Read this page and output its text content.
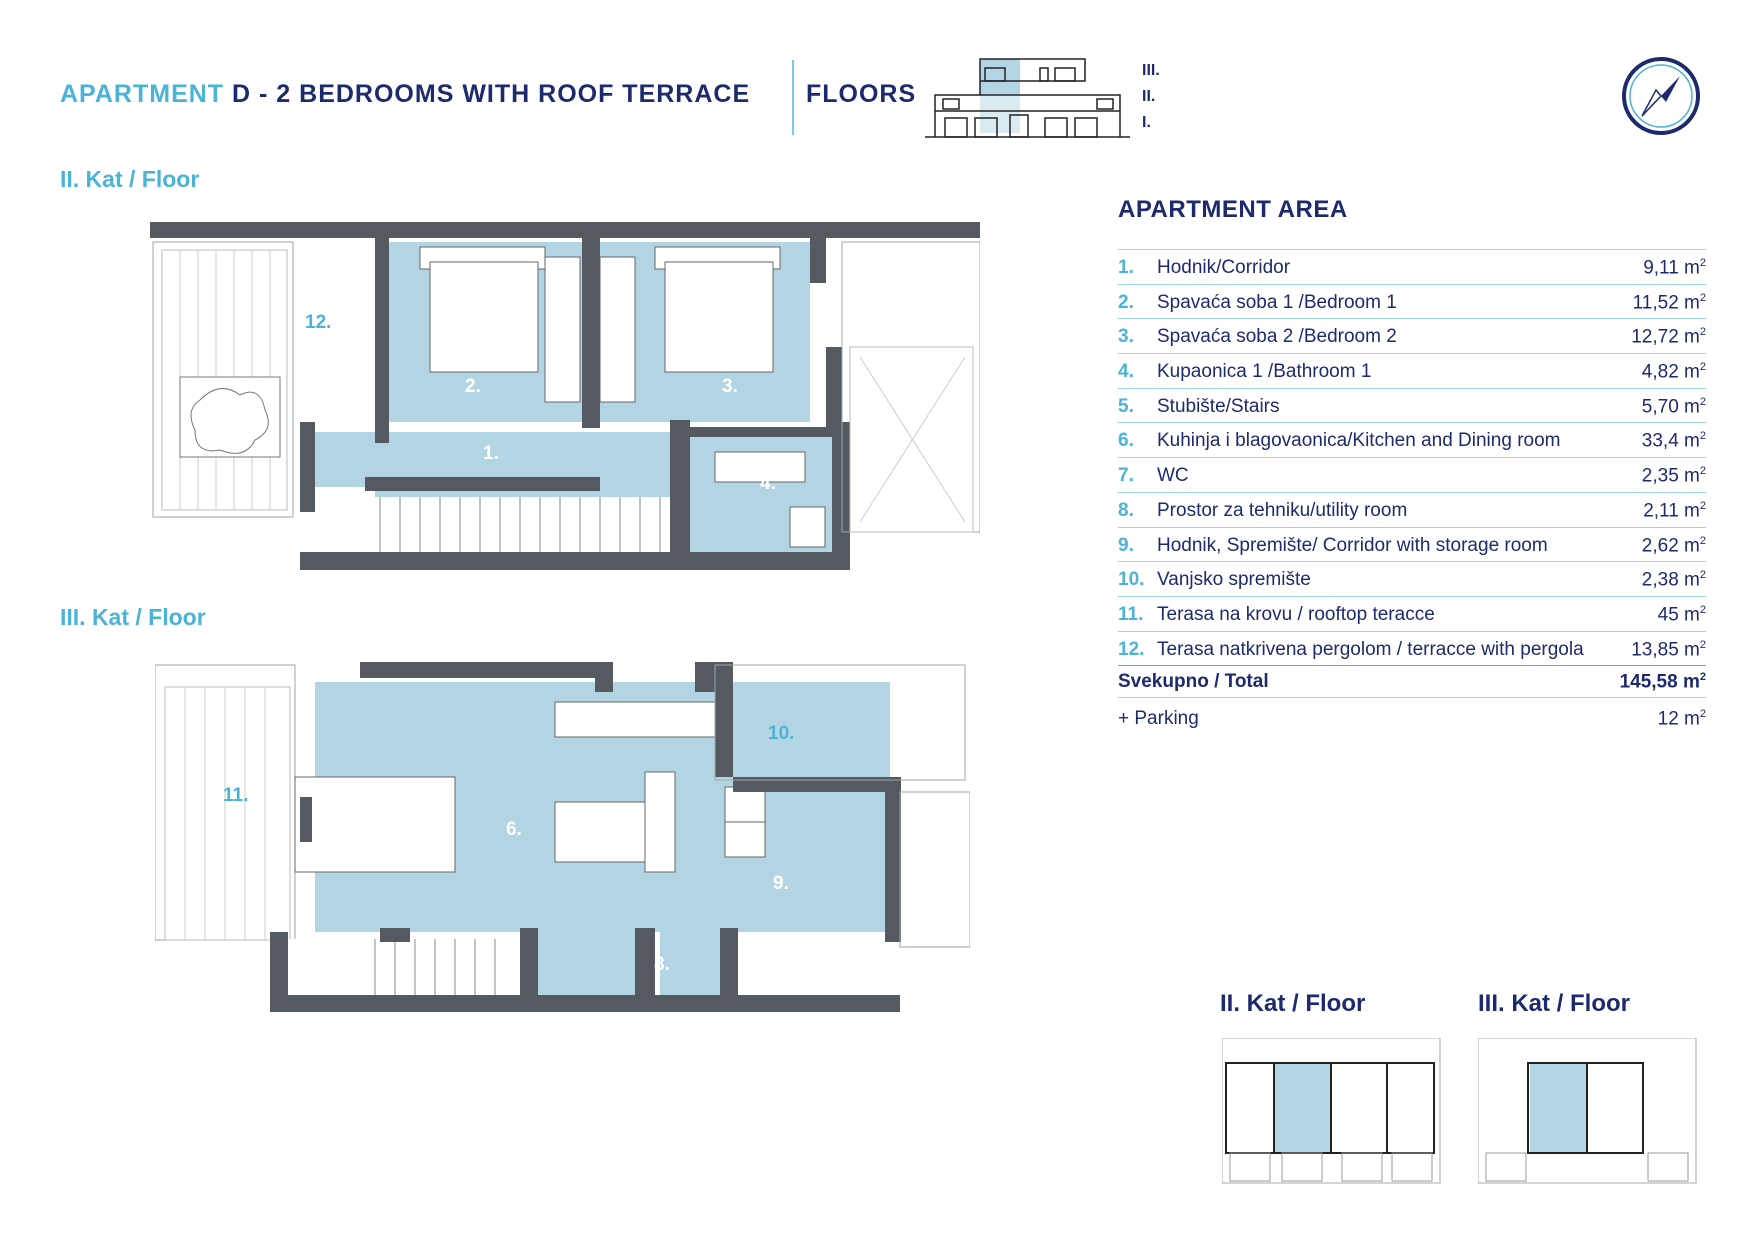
APARTMENT D - 2 BEDROOMS WITH ROOF TERRACE FLOORS
III.
II.
I.
II. Kat / Floor
III. Kat / Floor
12.
2.	3.
1.
4.
10.
11.
6.
9.
5.	8.	7.
APARTMENT AREA
1. Hodnik/Corridor	9,11 $m^2$
2. Spavaća soba 1 /Bedroom 1	11,52 $m^2$
3. Spavaća soba 2 /Bedroom 2	12,72 $m^2$
4. Kupaonica 1 /Bathroom 1	4,82 $m^2$
5. Stubište/Stairs	5,70 $m^2$
6. Kuhinja i blagovaonica/Kitchen and Dining room	33,4 $m^2$
7. WC	2,35 $m^2$
8. Prostor za tehniku/utility room	2,11 $m^2$
9. Hodnik, Spremište/ Corridor with storage room	2,62 $m^2$
10. Vanjsko spremište	2,38 $m^2$
11. Terasa na krovu / rooftop teracce	45 $m^2$
12. Terasa natkrivena pergolom / terracce with pergola	13,85 $m^2$
Svekupno / Total	145,58 $m^2$
+ Parking	12 $m^2$
II. Kat / Floor	III. Kat / Floor
